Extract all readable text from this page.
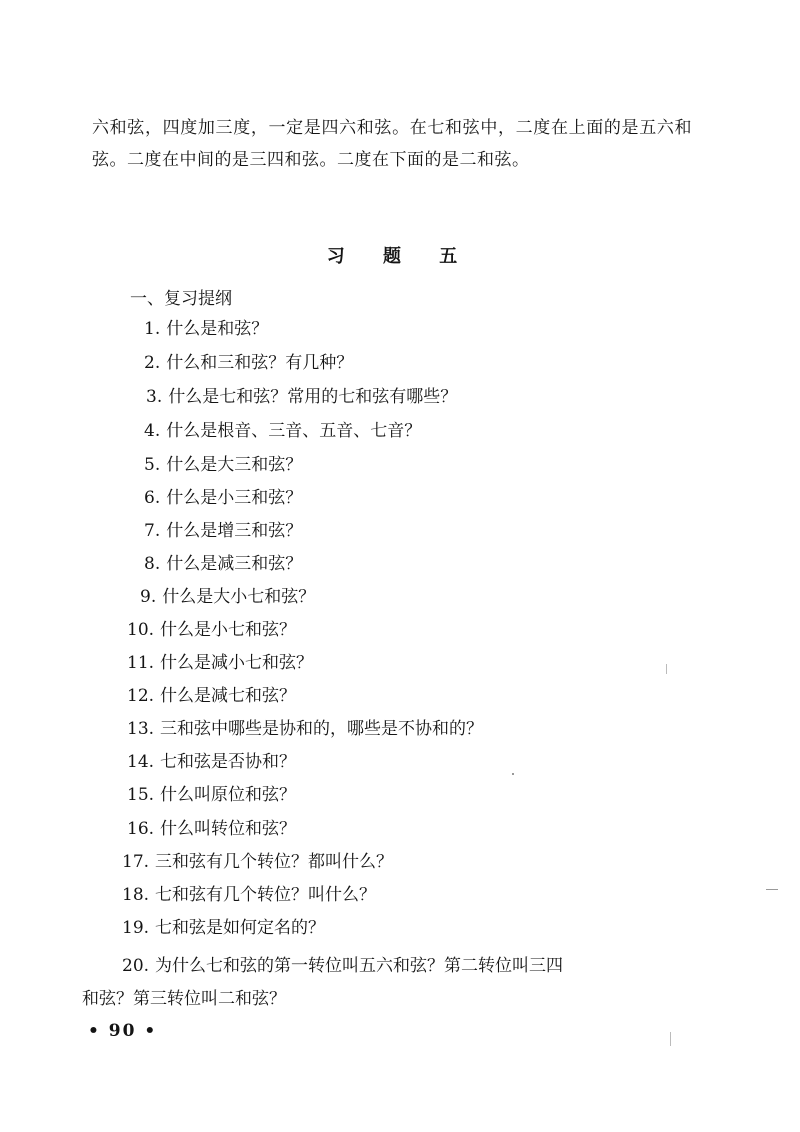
六和弦，四度加三度，一定是四六和弦。在七和弦中，二度在上面的是五六和弦。二度在中间的是三四和弦。二度在下面的是二和弦。

习 题 五
一、复习提纲
1. 什么是和弦？
2. 什么和三和弦？有几种？
3. 什么是七和弦？常用的七和弦有哪些？
4. 什么是根音、三音、五音、七音？
5. 什么是大三和弦？
6. 什么是小三和弦？
7. 什么是增三和弦？
8. 什么是减三和弦？
9. 什么是大小七和弦？
10. 什么是小七和弦？
11. 什么是减小七和弦？
12. 什么是减七和弦？
13. 三和弦中哪些是协和的，哪些是不协和的？
14. 七和弦是否协和？
15. 什么叫原位和弦？
16. 什么叫转位和弦？
17. 三和弦有几个转位？都叫什么？
18. 七和弦有几个转位？叫什么？
19. 七和弦是如何定名的？
20. 为什么七和弦的第一转位叫五六和弦？第二转位叫三四
和弦？第三转位叫二和弦？
• 90 •
